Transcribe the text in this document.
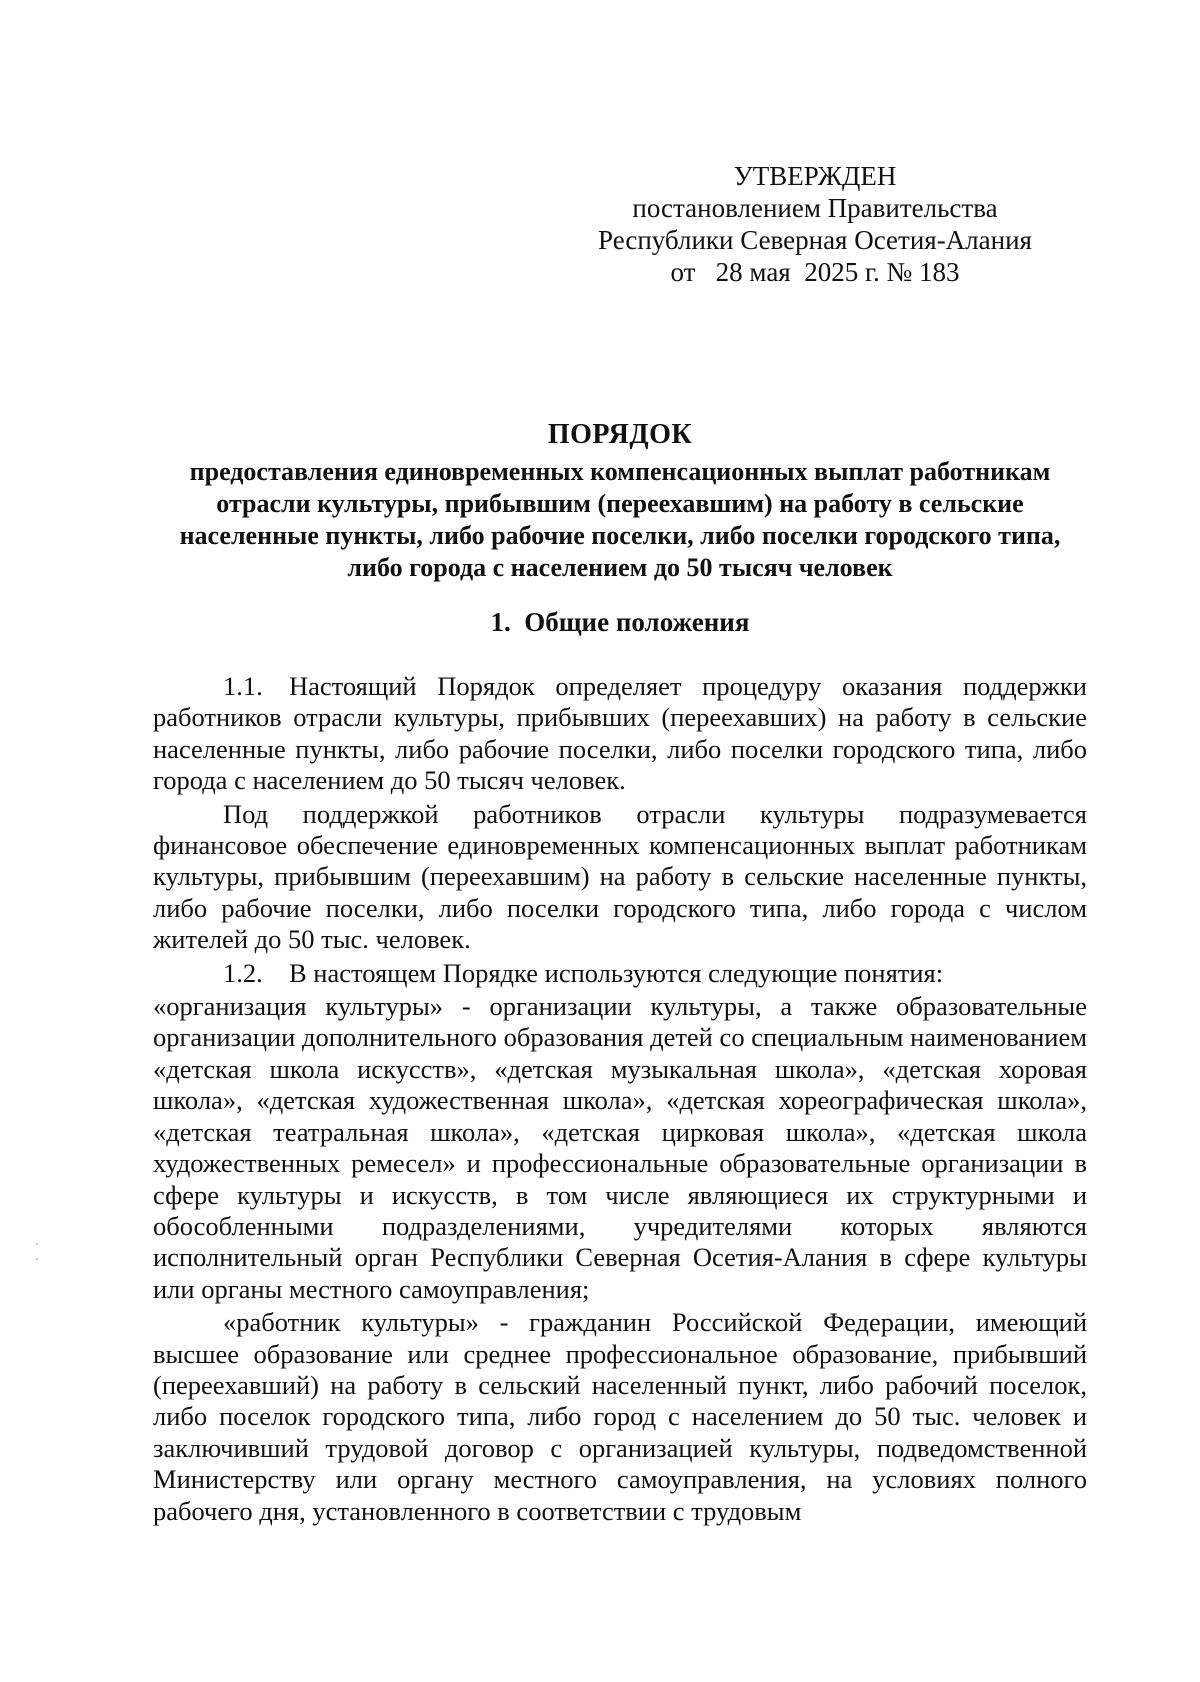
УТВЕРЖДЕН
постановлением Правительства
Республики Северная Осетия-Алания
от   28 мая  2025 г. № 183
ПОРЯДОК
предоставления единовременных компенсационных выплат работникам отрасли культуры, прибывшим (переехавшим) на работу в сельские населенные пункты, либо рабочие поселки, либо поселки городского типа, либо города с населением до 50 тысяч человек
1.  Общие положения

1.1. Настоящий Порядок определяет процедуру оказания поддержки работников отрасли культуры, прибывших (переехавших) на работу в сельские населенные пункты, либо рабочие поселки, либо поселки городского типа, либо города с населением до 50 тысяч человек.

Под поддержкой работников отрасли культуры подразумевается финансовое обеспечение единовременных компенсационных выплат работникам культуры, прибывшим (переехавшим) на работу в сельские населенные пункты, либо рабочие поселки, либо поселки городского типа, либо города с числом жителей до 50 тыс. человек.

1.2. В настоящем Порядке используются следующие понятия:

«организация культуры» - организации культуры, а также образовательные организации дополнительного образования детей со специальным наименованием «детская школа искусств», «детская музыкальная школа», «детская хоровая школа», «детская художественная школа», «детская хореографическая школа», «детская театральная школа», «детская цирковая школа», «детская школа художественных ремесел» и профессиональные образовательные организации в сфере культуры и искусств, в том числе являющиеся их структурными и обособленными подразделениями, учредителями которых являются исполнительный орган Республики Северная Осетия-Алания в сфере культуры или органы местного самоуправления;

«работник культуры» - гражданин Российской Федерации, имеющий высшее образование или среднее профессиональное образование, прибывший (переехавший) на работу в сельский населенный пункт, либо рабочий поселок, либо поселок городского типа, либо город с населением до 50 тыс. человек и заключивший трудовой договор с организацией культуры, подведомственной Министерству или органу местного самоуправления, на условиях полного рабочего дня, установленного в соответствии с трудовым
